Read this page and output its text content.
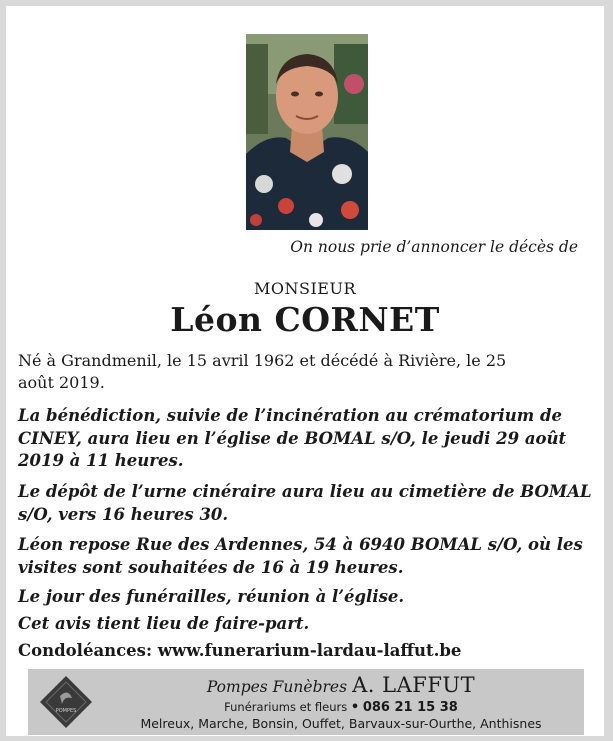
On nous prie d’annoncer le décès de
MONSIEUR
Léon CORNET
Né à Grandmenil, le 15 avril 1962 et décédé à Rivière, le 25 août 2019.
La bénédiction, suivie de l’incinération au crématorium de CINEY, aura lieu en l’église de BOMAL s/O, le jeudi 29 août 2019 à 11 heures.
Le dépôt de l’urne cinéraire aura lieu au cimetière de BOMAL s/O, vers 16 heures 30.
Léon repose Rue des Ardennes, 54 à 6940 BOMAL s/O, où les visites sont souhaitées de 16 à 19 heures.
Le jour des funérailles, réunion à l’église.
Cet avis tient lieu de faire-part.
Condoléances: www.funerarium-lardau-laffut.be
POMPES
Pompes Funèbres A. LAFFUT
Funérariums et fleurs • 086 21 15 38
Melreux, Marche, Bonsin, Ouffet, Barvaux-sur-Ourthe, Anthisnes
